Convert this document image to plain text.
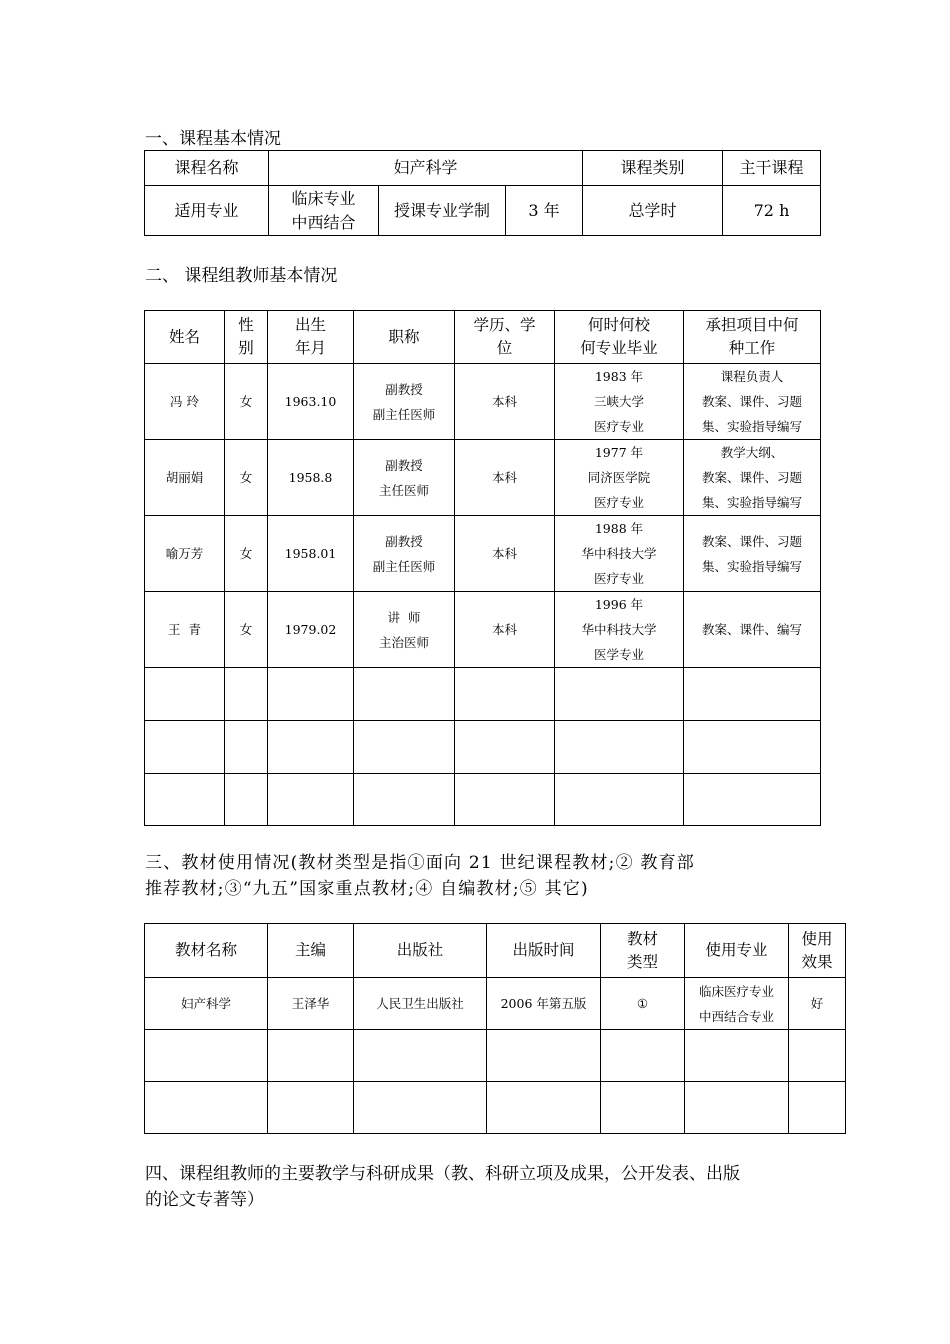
一、课程基本情况
课程名称	妇产科学			课程类别	主干课程
适用专业	临床专业
中西结合	授课专业学制	3 年	总学时	72 h
二、 课程组教师基本情况
姓名	性
别	出生
年月	职称	学历、学
位	何时何校
何专业毕业	承担项目中何
种工作

冯 玲	女	1963.10	副教授
副主任医师	本科	1983 年
三峡大学
医疗专业	课程负责人
教案、课件、习题
集、实验指导编写

胡丽娟	女	1958.8	副教授
主任医师	本科	1977 年
同济医学院
医疗专业	教学大纲、
教案、课件、习题
集、实验指导编写

喻万芳	女	1958.01	副教授
副主任医师	本科	1988 年
华中科技大学
医疗专业	教案、课件、习题
集、实验指导编写

王  青	女	1979.02	讲  师
主治医师	本科	1996 年
华中科技大学
医学专业	教案、课件、编写

三、教材使用情况(教材类型是指①面向 21 世纪课程教材;② 教育部
推荐教材;③“九五”国家重点教材;④ 自编教材;⑤ 其它)
教材名称	主编	出版社	出版时间	教材
类型	使用专业	使用
效果

妇产科学	王泽华	人民卫生出版社	2006 年第五版	①	临床医疗专业
中西结合专业	好

四、课程组教师的主要教学与科研成果（教、科研立项及成果，公开发表、出版
的论文专著等）
